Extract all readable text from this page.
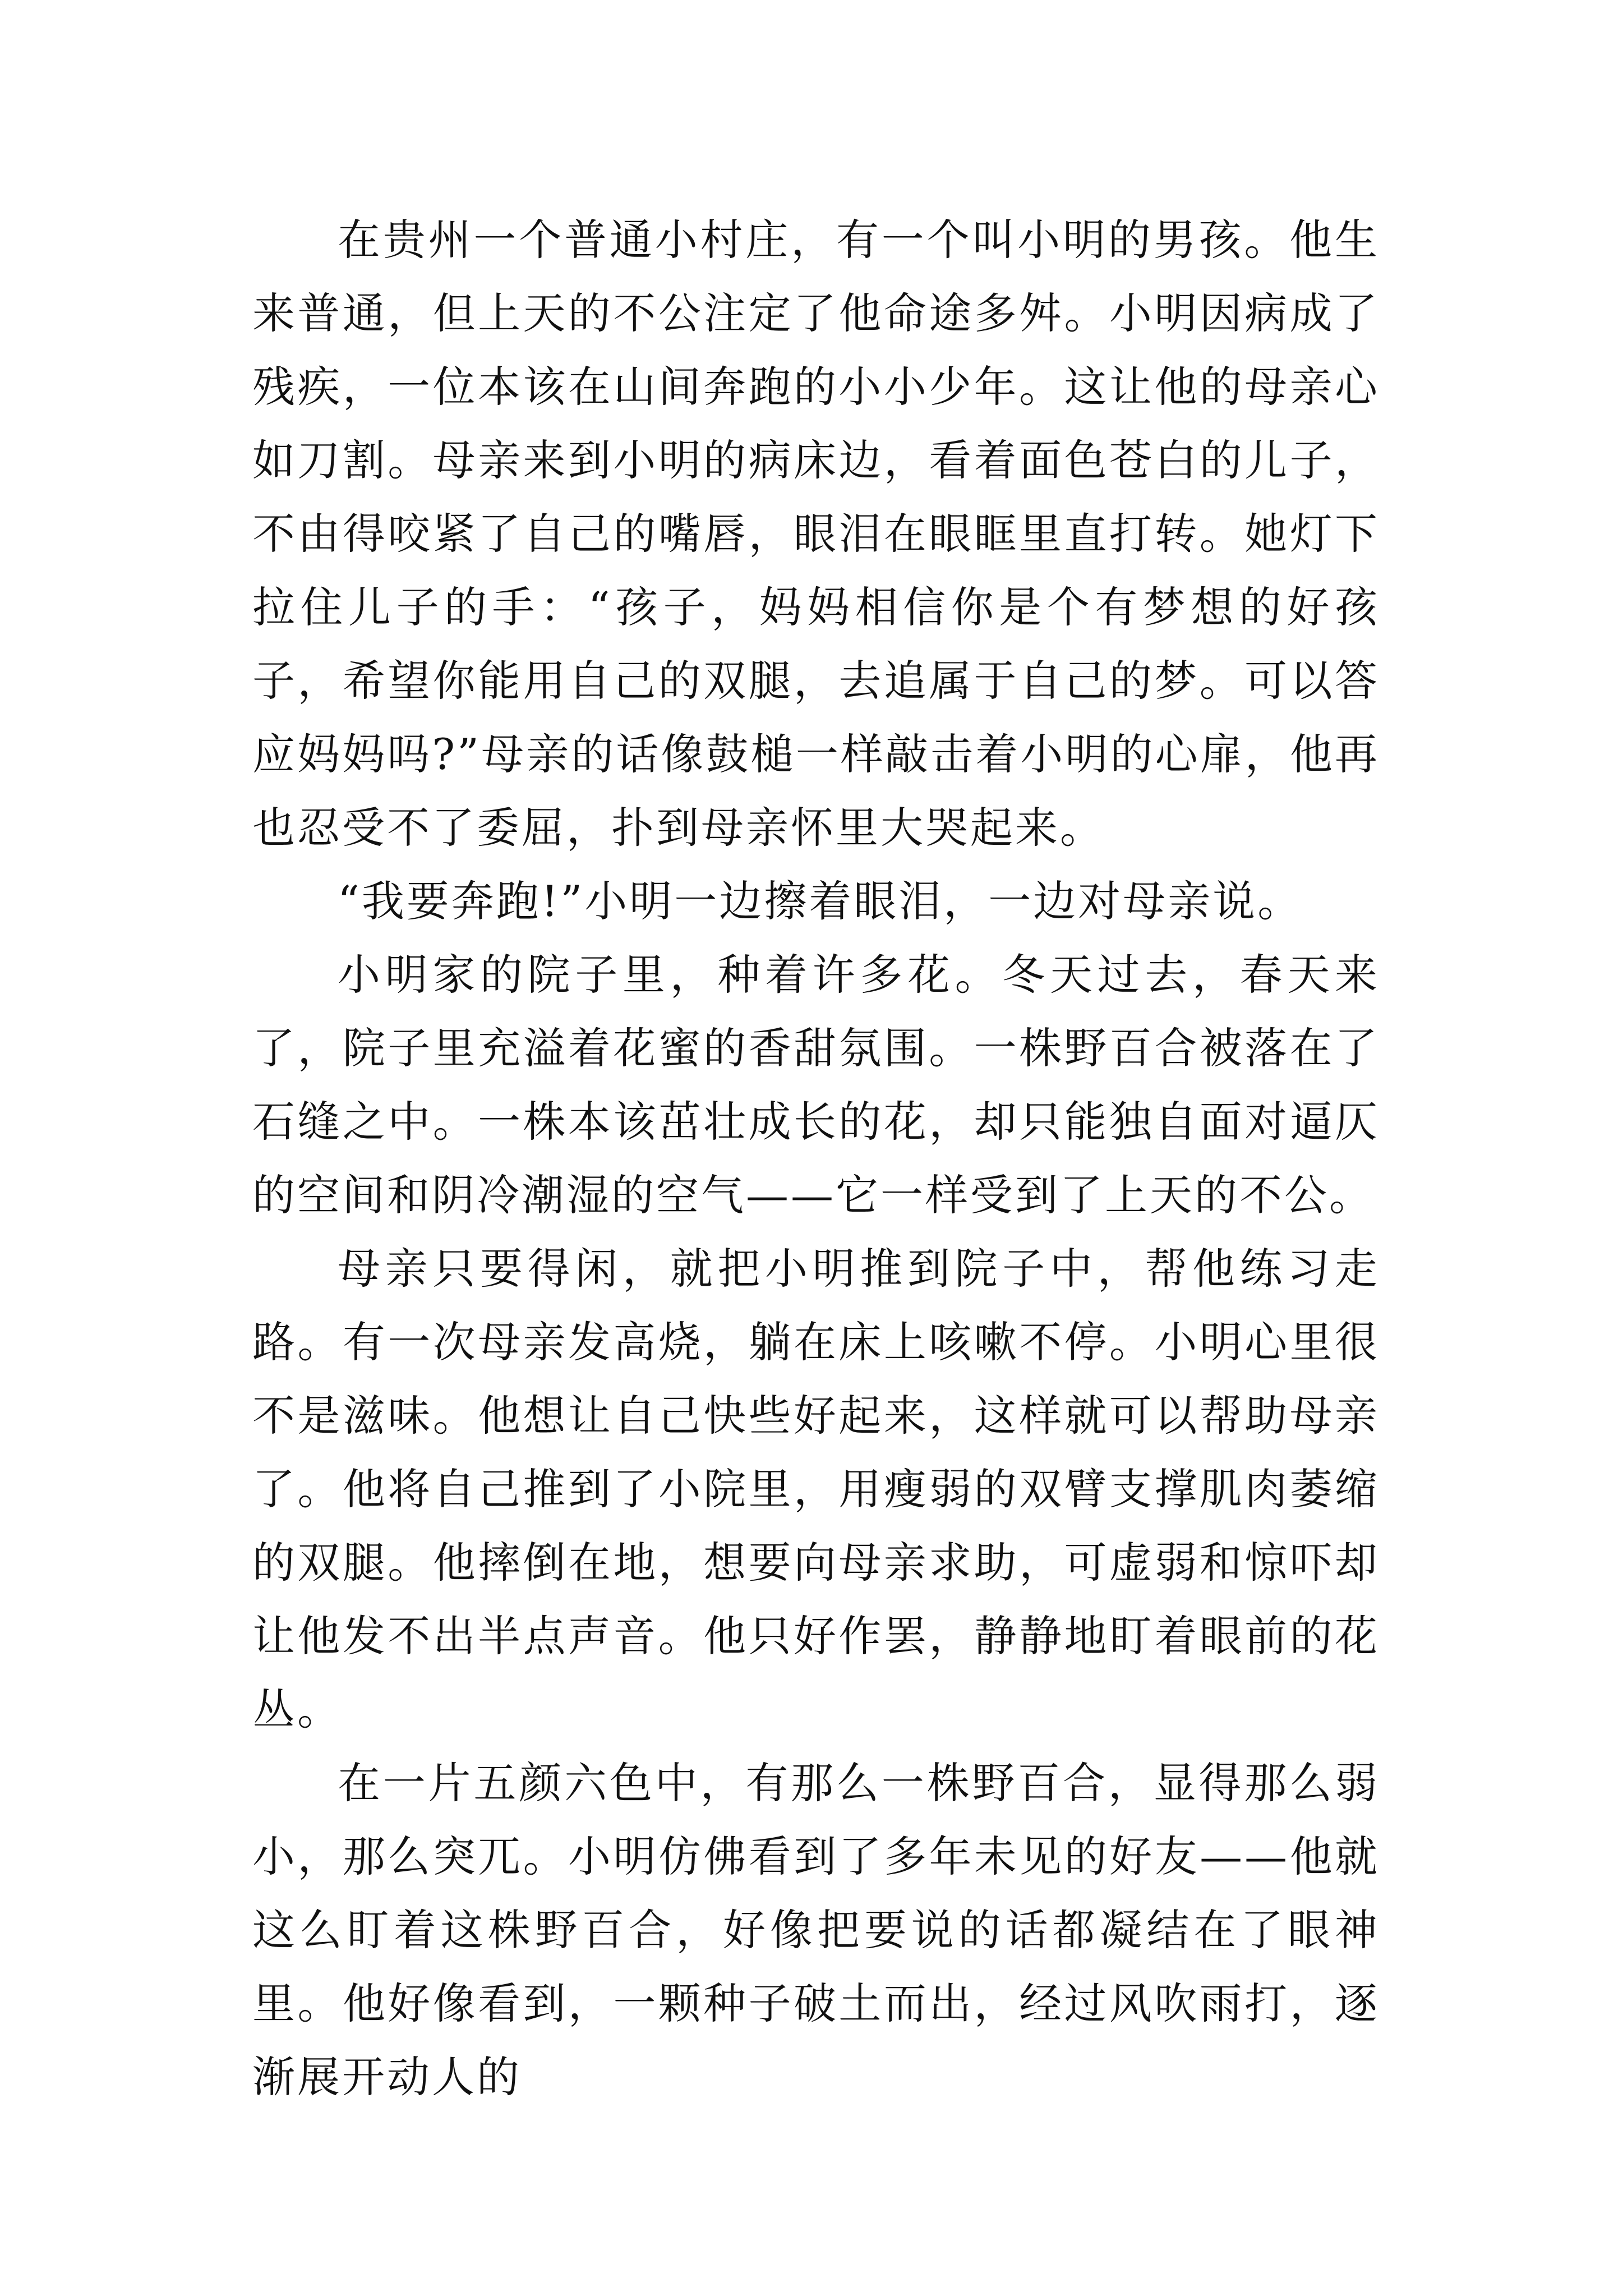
在贵州一个普通小村庄，有一个叫小明的男孩。他生来普通，但上天的不公注定了他命途多舛。小明因病成了残疾，一位本该在山间奔跑的小小少年。这让他的母亲心如刀割。母亲来到小明的病床边，看着面色苍白的儿子，不由得咬紧了自己的嘴唇，眼泪在眼眶里直打转。她灯下拉住儿子的手：“孩子，妈妈相信你是个有梦想的好孩子，希望你能用自己的双腿，去追属于自己的梦。可以答应妈妈吗?”母亲的话像鼓槌一样敲击着小明的心扉，他再也忍受不了委屈，扑到母亲怀里大哭起来。

“我要奔跑!”小明一边擦着眼泪，一边对母亲说。

小明家的院子里，种着许多花。冬天过去，春天来了，院子里充溢着花蜜的香甜氛围。一株野百合被落在了石缝之中。一株本该茁壮成长的花，却只能独自面对逼仄的空间和阴冷潮湿的空气——它一样受到了上天的不公。

母亲只要得闲，就把小明推到院子中，帮他练习走路。有一次母亲发高烧，躺在床上咳嗽不停。小明心里很不是滋味。他想让自己快些好起来，这样就可以帮助母亲了。他将自己推到了小院里，用瘦弱的双臂支撑肌肉萎缩的双腿。他摔倒在地，想要向母亲求助，可虚弱和惊吓却让他发不出半点声音。他只好作罢，静静地盯着眼前的花丛。

在一片五颜六色中，有那么一株野百合，显得那么弱小，那么突兀。小明仿佛看到了多年未见的好友——他就这么盯着这株野百合，好像把要说的话都凝结在了眼神里。他好像看到，一颗种子破土而出，经过风吹雨打，逐渐展开动人的
